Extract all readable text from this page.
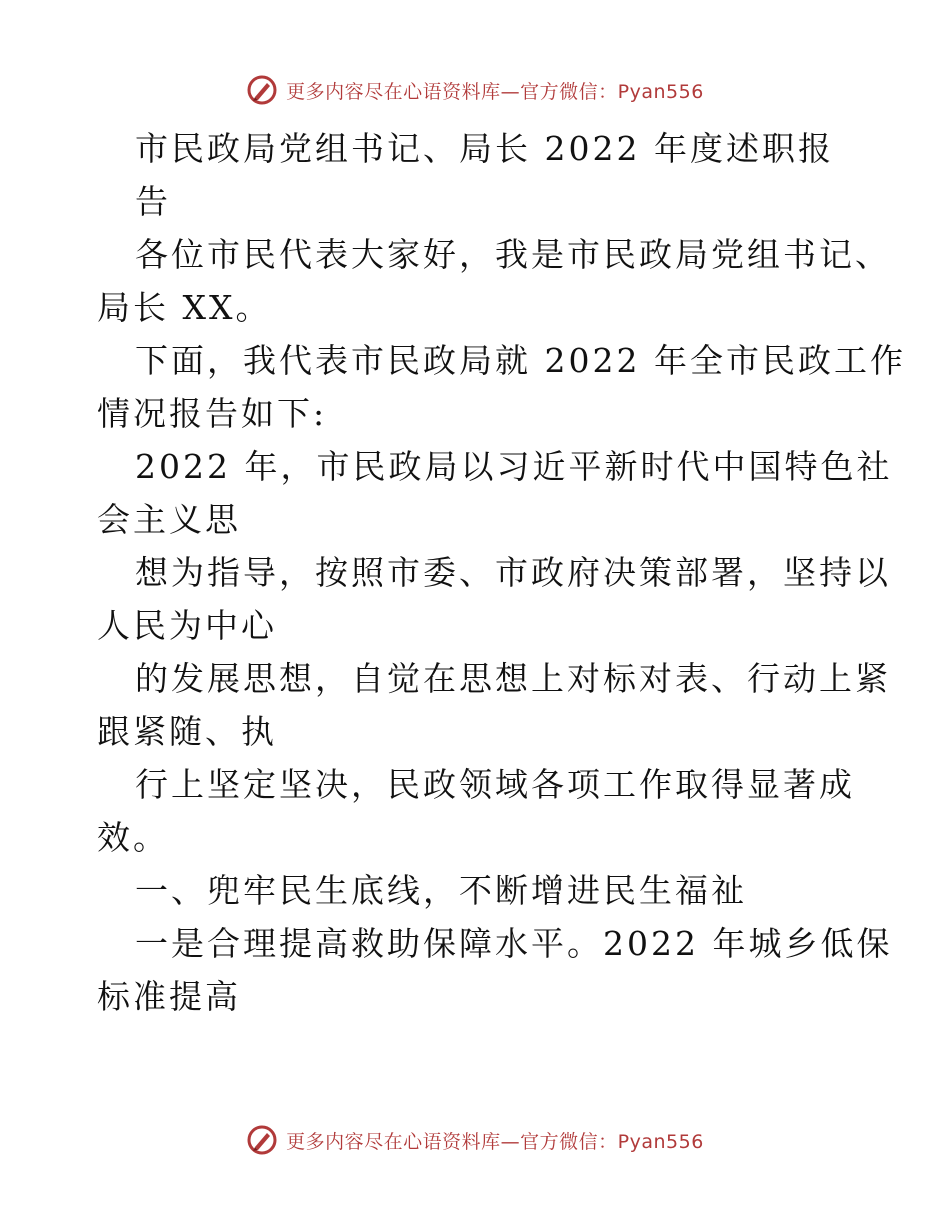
更多内容尽在心语资料库—官方微信：Pyan556
市民政局党组书记、局长 2022 年度述职报
告
各位市民代表大家好，我是市民政局党组书记、
局长 XX。
下面，我代表市民政局就 2022 年全市民政工作
情况报告如下:
2022 年，市民政局以习近平新时代中国特色社
会主义思
想为指导，按照市委、市政府决策部署，坚持以
人民为中心
的发展思想，自觉在思想上对标对表、行动上紧
跟紧随、执
行上坚定坚决，民政领域各项工作取得显著成
效。
一、兜牢民生底线，不断增进民生福祉
一是合理提高救助保障水平。2022 年城乡低保
标准提高
更多内容尽在心语资料库—官方微信：Pyan556
